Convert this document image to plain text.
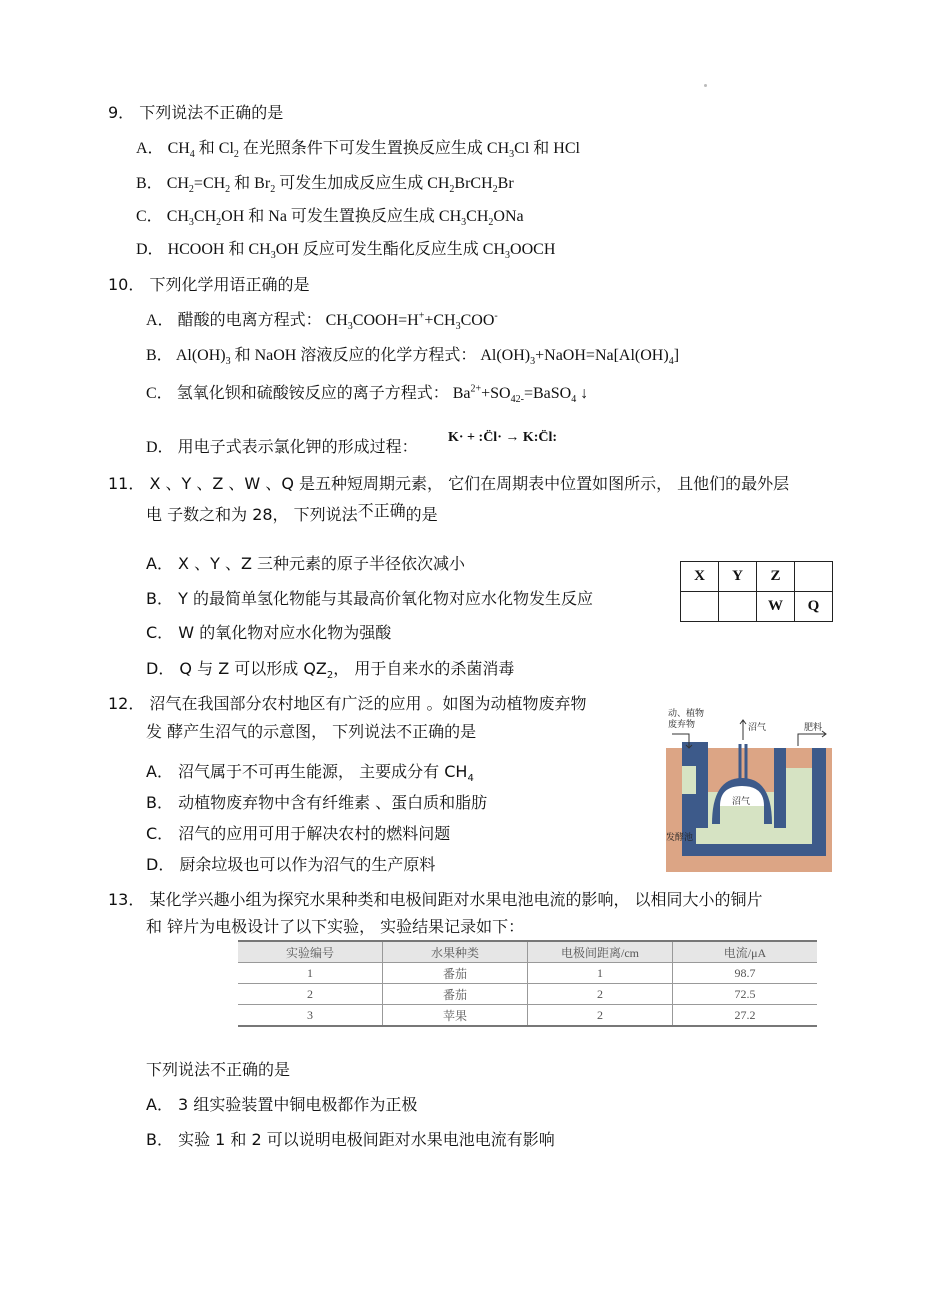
9． 下列说法不正确的是
A． $CH_4$ 和 $Cl_2$ 在光照条件下可发生置换反应生成 $CH_3Cl$ 和 HCl
B． $CH_2=CH_2$ 和 $Br_2$ 可发生加成反应生成 $CH_2BrCH_2Br$
C． $CH_3CH_2OH$ 和 Na 可发生置换反应生成 $CH_3CH_2ONa$
D． HCOOH 和 $CH_3OH$ 反应可发生酯化反应生成 $CH_3OOCH$
10． 下列化学用语正确的是
A． 醋酸的电离方程式： $CH_3COOH=H^++CH_3COO^-$
B． $Al(OH)_3$ 和 NaOH 溶液反应的化学方程式： $Al(OH)_3+NaOH=Na[Al(OH)_4]$
C． 氢氧化钡和硫酸铵反应的离子方程式： $Ba^{2+}+SO_{42-}=BaSO_4$ ↓
D． 用电子式表示氯化钾的形成过程：
K· + :C̈l· → K:C̈l:
11． X 、Y 、Z 、W 、Q 是五种短周期元素， 它们在周期表中位置如图所示， 且他们的最外层
电 子数之和为 28， 下列说法不正确的是
A． X 、Y 、Z 三种元素的原子半径依次减小
B． Y 的最简单氢化物能与其最高价氧化物对应水化物发生反应
C． W 的氧化物对应水化物为强酸
D． Q 与 Z 可以形成 $QZ_2$， 用于自来水的杀菌消毒
X	Y	Z	
		W	Q
12． 沼气在我国部分农村地区有广泛的应用 。如图为动植物废弃物
发 酵产生沼气的示意图， 下列说法不正确的是
A． 沼气属于不可再生能源， 主要成分有 $CH_4$
B． 动植物废弃物中含有纤维素 、蛋白质和脂肪
C． 沼气的应用可用于解决农村的燃料问题
D． 厨余垃圾也可以作为沼气的生产原料
动、植物
废弃物	沼气	肥料
沼气
发酵池
13． 某化学兴趣小组为探究水果种类和电极间距对水果电池电流的影响， 以相同大小的铜片
和 锌片为电极设计了以下实验， 实验结果记录如下：
实验编号	水果种类	电极间距离/cm	电流/μA
1	番茄	1	98.7
2	番茄	2	72.5
3	苹果	2	27.2
下列说法不正确的是
A． 3 组实验装置中铜电极都作为正极
B． 实验 1 和 2 可以说明电极间距对水果电池电流有影响
